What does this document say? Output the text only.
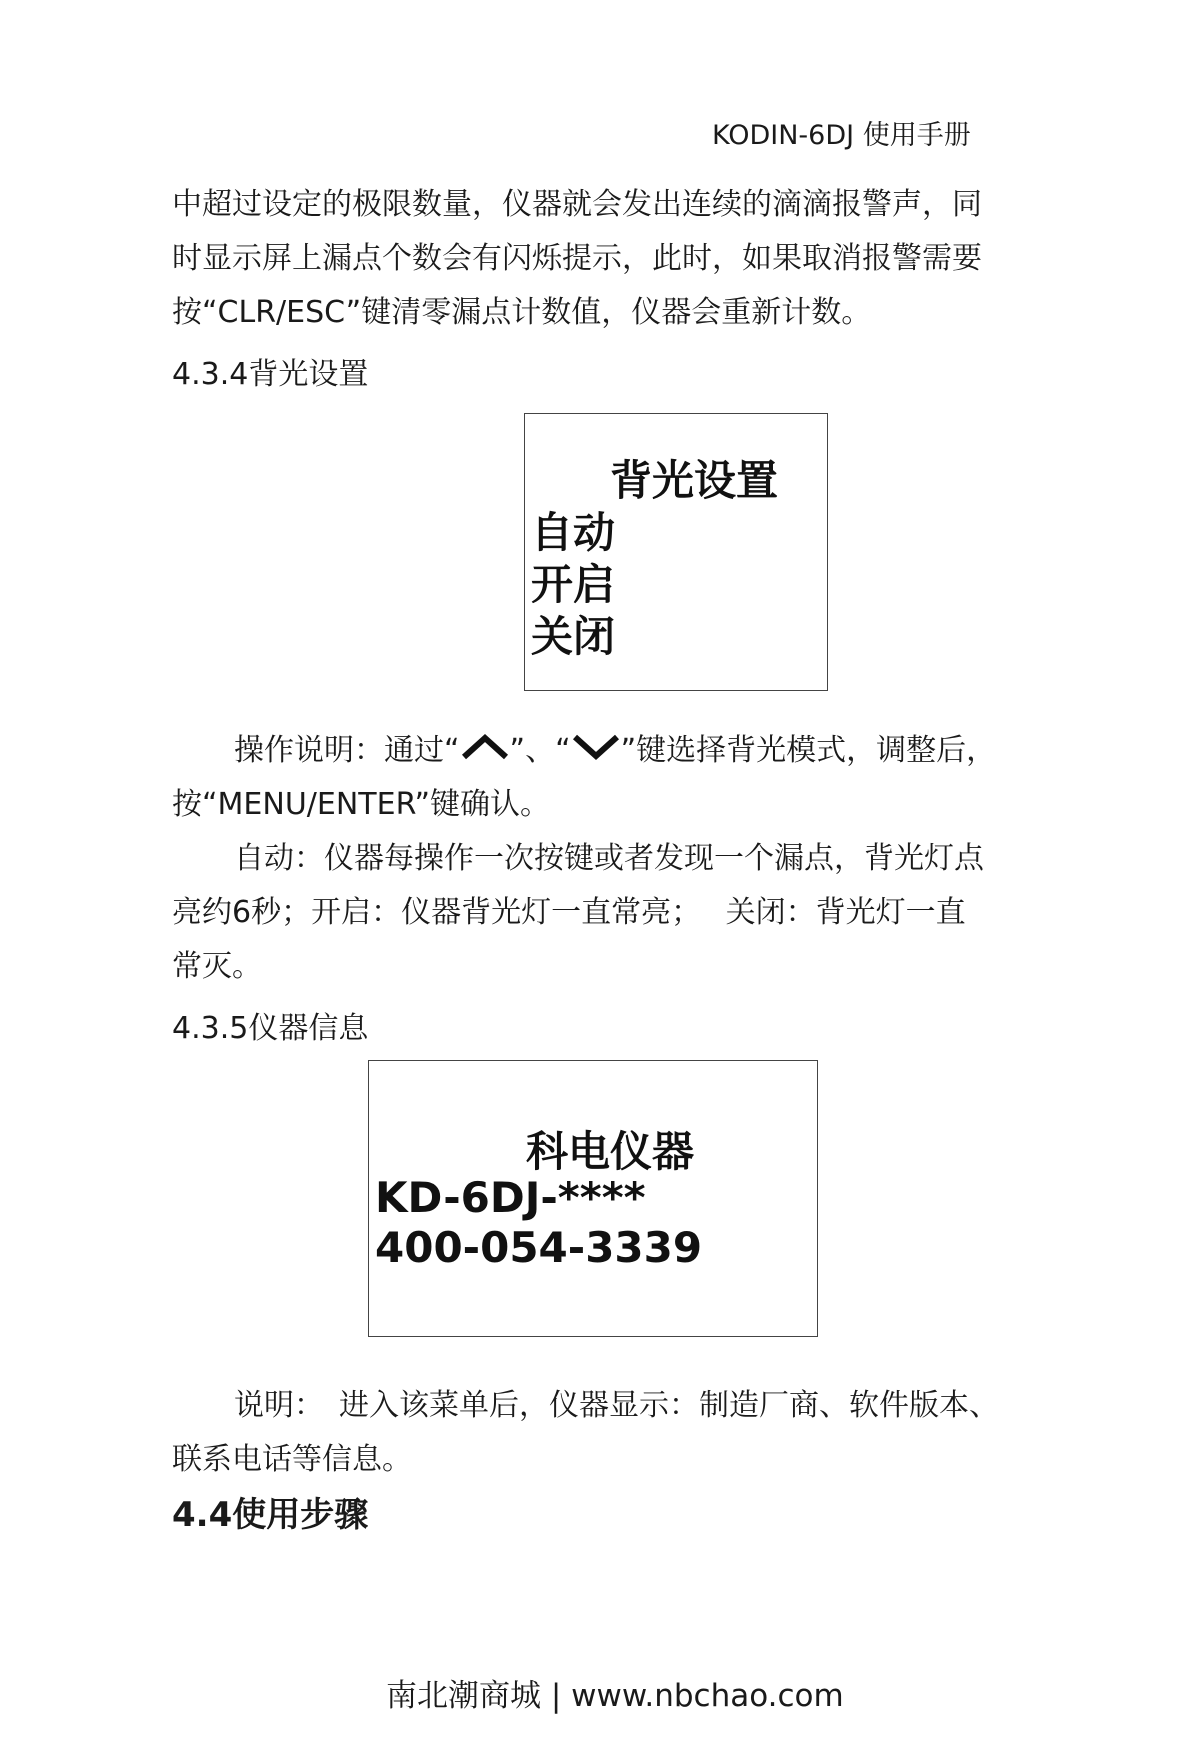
KODIN-6DJ 使用手册
中超过设定的极限数量，仪器就会发出连续的滴滴报警声，同
时显示屏上漏点个数会有闪烁提示，此时，如果取消报警需要
按“CLR/ESC”键清零漏点计数值，仪器会重新计数。
4.3.4背光设置
背光设置
自动
开启
关闭
操作说明：通过“ ”、“ ”键选择背光模式，调整后，
按“MENU/ENTER”键确认。
自动：仪器每操作一次按键或者发现一个漏点，背光灯点
亮约6秒；开启：仪器背光灯一直常亮；　 关闭：背光灯一直
常灭。
4.3.5仪器信息
科电仪器
KD-6DJ-****
400-054-3339
说明：　进入该菜单后，仪器显示：制造厂商、软件版本、
联系电话等信息。
4.4使用步骤
南北潮商城 | www.nbchao.com
